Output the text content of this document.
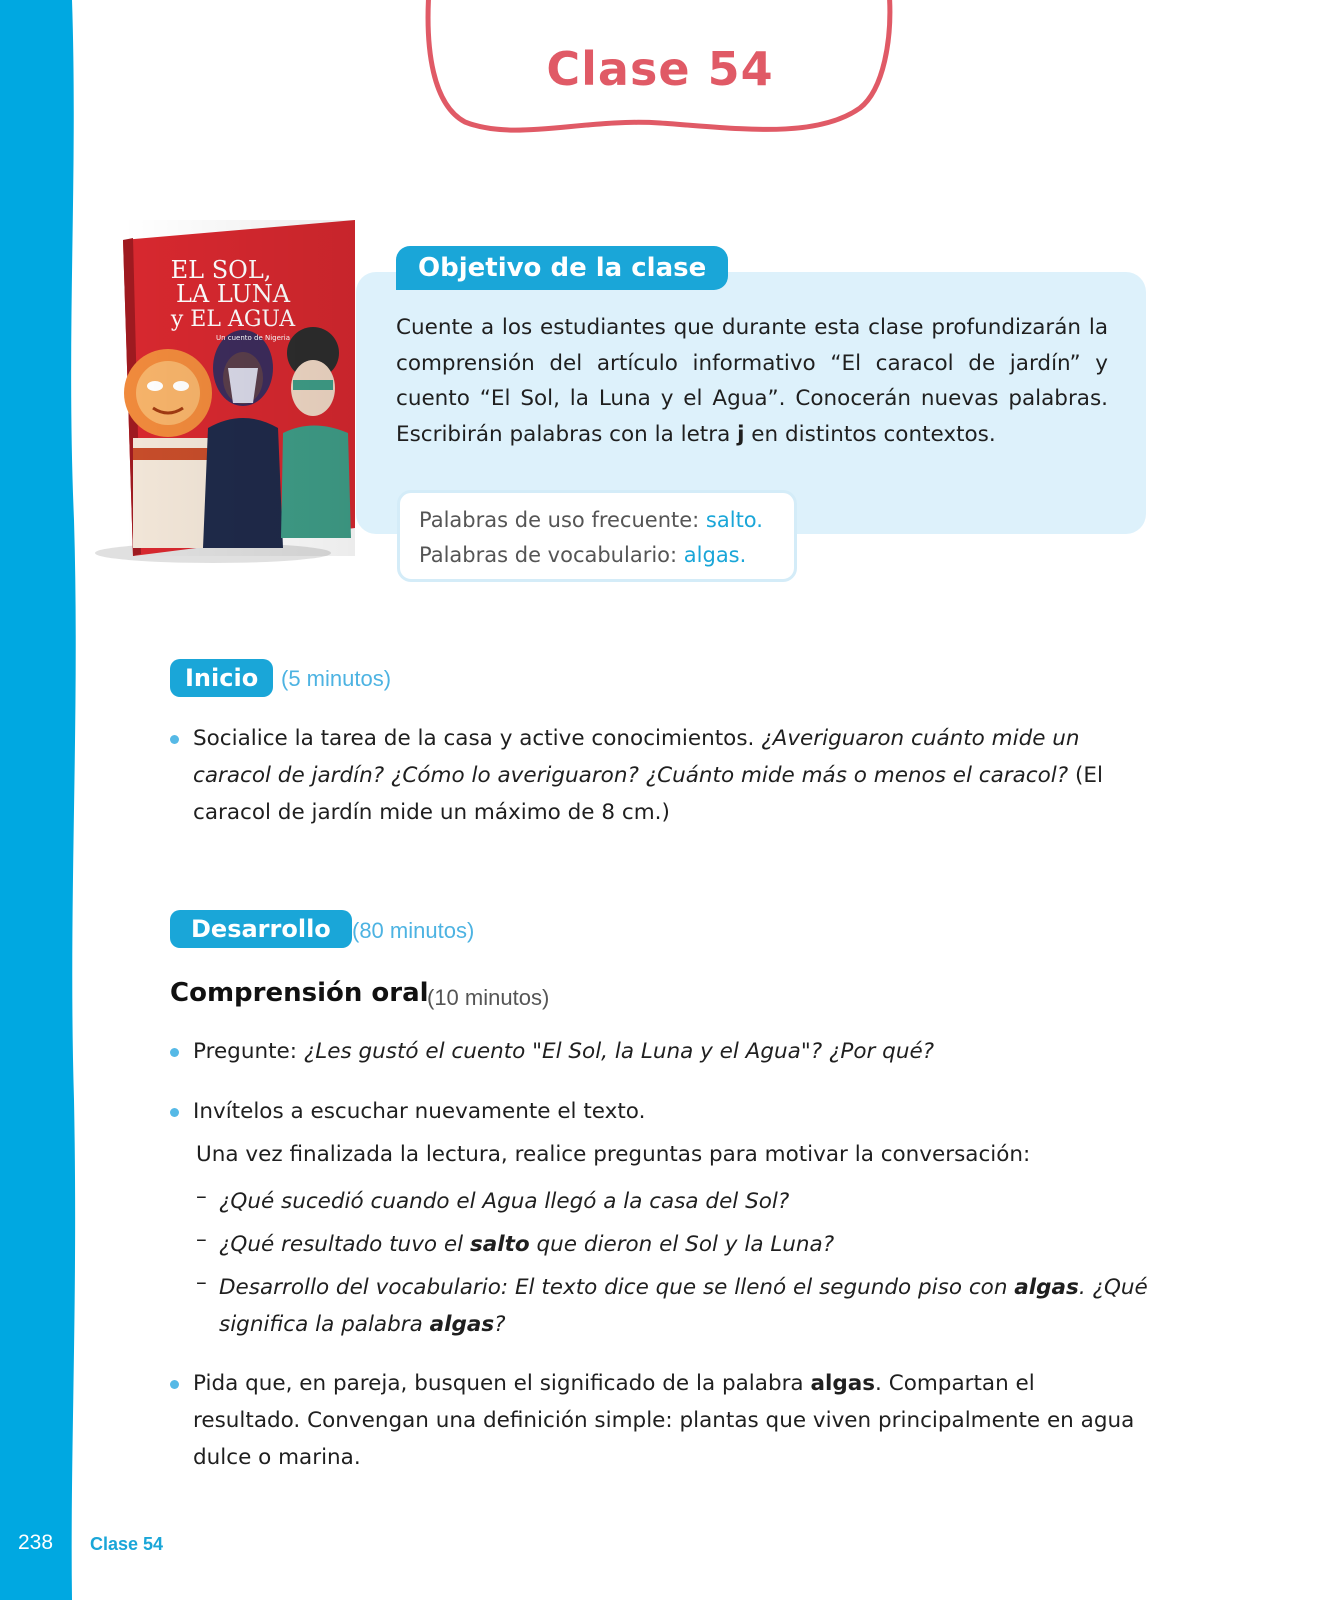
238 Clase 54
Clase 54
EL SOL,
LA LUNA
y EL AGUA
Un cuento de Nigeria
Objetivo de la clase
Cuente a los estudiantes que durante esta clase profundizarán la comprensión del artículo informativo “El caracol de jardín” y cuento “El Sol, la Luna y el Agua”. Conocerán nuevas palabras. Escribirán palabras con la letra j en distintos contextos.
Palabras de uso frecuente: salto.
Palabras de vocabulario: algas.
Inicio	(5 minutos)
Socialice la tarea de la casa y active conocimientos. ¿Averiguaron cuánto mide un caracol de jardín? ¿Cómo lo averiguaron? ¿Cuánto mide más o menos el caracol? (El caracol de jardín mide un máximo de 8 cm.)
Desarrollo (80 minutos)
Comprensión oral
(10 minutos)
Pregunte: ¿Les gustó el cuento "El Sol, la Luna y el Agua"? ¿Por qué?
Invítelos a escuchar nuevamente el texto.
Una vez finalizada la lectura, realice preguntas para motivar la conversación:
– ¿Qué sucedió cuando el Agua llegó a la casa del Sol?
– ¿Qué resultado tuvo el salto que dieron el Sol y la Luna?
– Desarrollo del vocabulario: El texto dice que se llenó el segundo piso con algas. ¿Qué significa la palabra algas?
Pida que, en pareja, busquen el significado de la palabra algas. Compartan el resultado. Convengan una definición simple: plantas que viven principalmente en agua dulce o marina.
